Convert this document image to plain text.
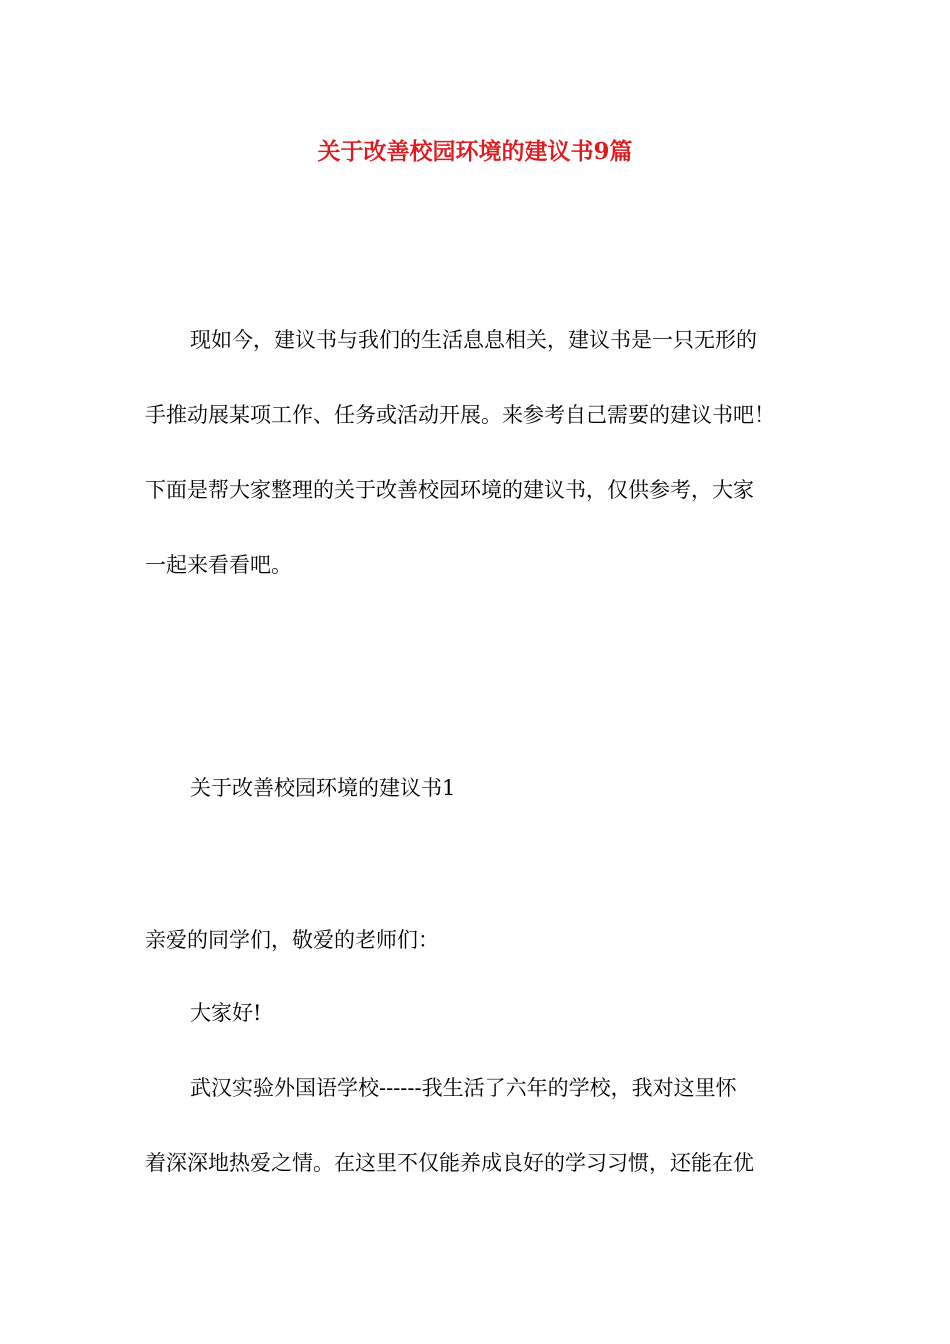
关于改善校园环境的建议书9篇

现如今，建议书与我们的生活息息相关，建议书是一只无形的

手推动展某项工作、任务或活动开展。来参考自己需要的建议书吧！

下面是帮大家整理的关于改善校园环境的建议书，仅供参考，大家

一起来看看吧。

关于改善校园环境的建议书1

亲爱的同学们，敬爱的老师们：

大家好!

武汉实验外国语学校------我生活了六年的学校，我对这里怀

着深深地热爱之情。在这里不仅能养成良好的学习习惯，还能在优
